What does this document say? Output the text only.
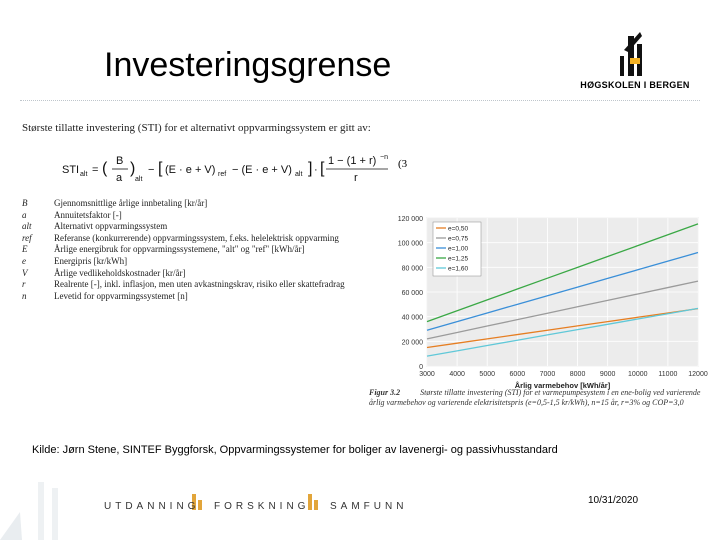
Investeringsgrense
HØGSKOLEN I BERGEN
Største tillatte investering (STI) for et alternativt oppvarmingssystem er gitt av:
STI alt = ( B
a
)
alt
− [ (E · e + V) ref − (E · e + V) alt ] · [ 1 − (1 + r) −n
r
(3
B	Gjennomsnittlige årlige innbetaling [kr/år]
a	Annuitetsfaktor [-]
alt Alternativt oppvarmingssystem
ref Referanse (konkurrerende) oppvarmingssystem, f.eks. helelektrisk oppvarming
E	Årlige energibruk for oppvarmingssystemene, "alt" og "ref" [kWh/år]
e	Energipris [kr/kWh]
V	Årlige vedlikeholdskostnader [kr/år]
r	Realrente [-], inkl. inflasjon, men uten avkastningskrav, risiko eller skattefradrag
n	Levetid for oppvarmingssystemet [n]
0
20 000
40 000
60 000
80 000
100 000
120 000
3000 4000 5000 6000 7000 8000 9000 10000 11000 12000
Årlig varmebehov [kWh/år]
e=0,50
e=0,75
e=1,00
e=1,25
e=1,60
Figur 3.2	Største tillatte investering (STI) for et varmepumpesystem i en ene-bolig ved varierende årlig varmebehov og varierende elektrisitetspris (e=0,5-1,5 kr/kWh), n=15 år, r=3% og COP=3,0
Kilde: Jørn Stene, SINTEF Byggforsk, Oppvarmingssystemer for boliger av lavenergi- og passivhusstandard
UTDANNING FORSKNING SAMFUNN
10/31/2020
